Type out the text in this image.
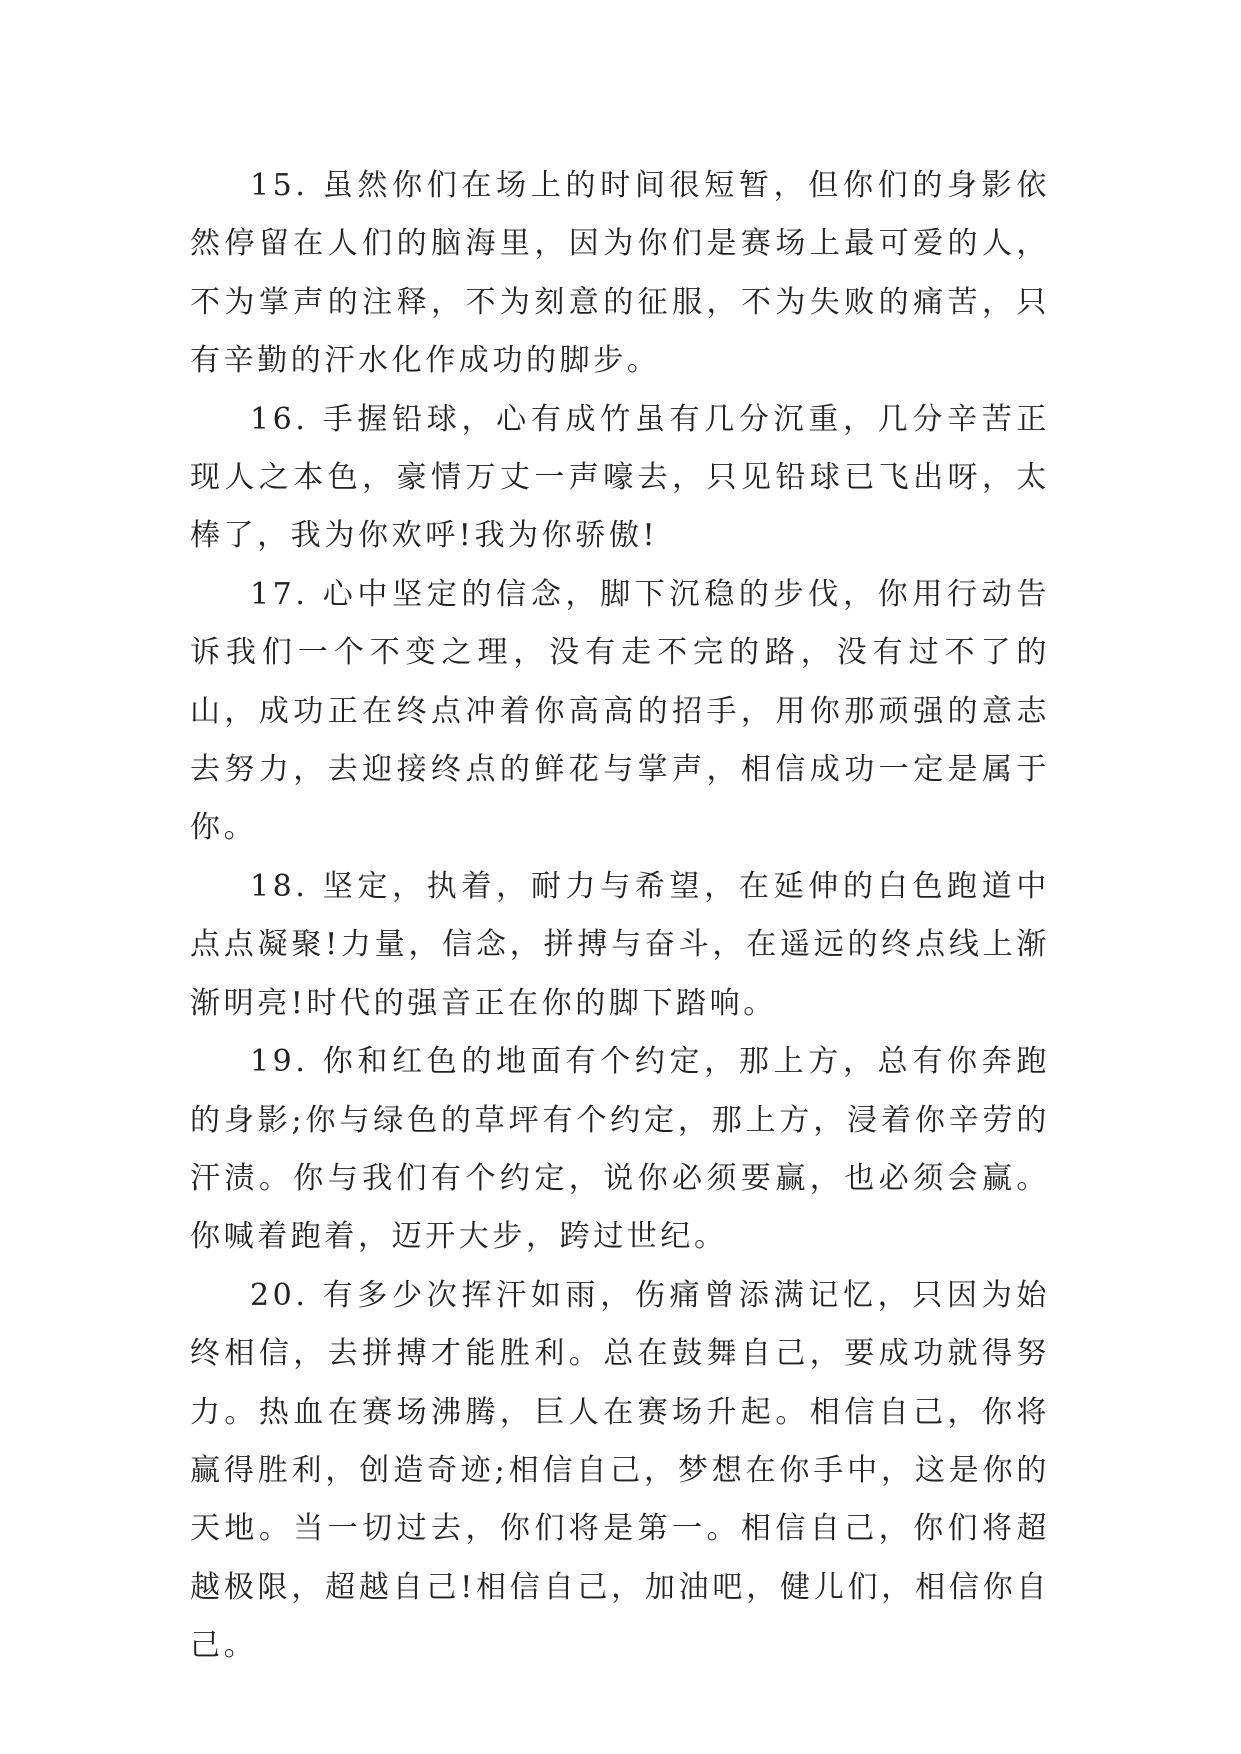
15. 虽然你们在场上的时间很短暂，但你们的身影依然停留在人们的脑海里，因为你们是赛场上最可爱的人，不为掌声的注释，不为刻意的征服，不为失败的痛苦，只有辛勤的汗水化作成功的脚步。

16. 手握铅球，心有成竹虽有几分沉重，几分辛苦正现人之本色，豪情万丈一声嚎去，只见铅球已飞出呀，太棒了，我为你欢呼!我为你骄傲!

17. 心中坚定的信念，脚下沉稳的步伐，你用行动告诉我们一个不变之理，没有走不完的路，没有过不了的山，成功正在终点冲着你高高的招手，用你那顽强的意志去努力，去迎接终点的鲜花与掌声，相信成功一定是属于你。

18. 坚定，执着，耐力与希望，在延伸的白色跑道中点点凝聚!力量，信念，拼搏与奋斗，在遥远的终点线上渐渐明亮!时代的强音正在你的脚下踏响。

19. 你和红色的地面有个约定，那上方，总有你奔跑的身影;你与绿色的草坪有个约定，那上方，浸着你辛劳的汗渍。你与我们有个约定，说你必须要赢，也必须会赢。你喊着跑着，迈开大步，跨过世纪。

20. 有多少次挥汗如雨，伤痛曾添满记忆，只因为始终相信，去拼搏才能胜利。总在鼓舞自己，要成功就得努力。热血在赛场沸腾，巨人在赛场升起。相信自己，你将赢得胜利，创造奇迹;相信自己，梦想在你手中，这是你的天地。当一切过去，你们将是第一。相信自己，你们将超越极限，超越自己!相信自己，加油吧，健儿们，相信你自己。
